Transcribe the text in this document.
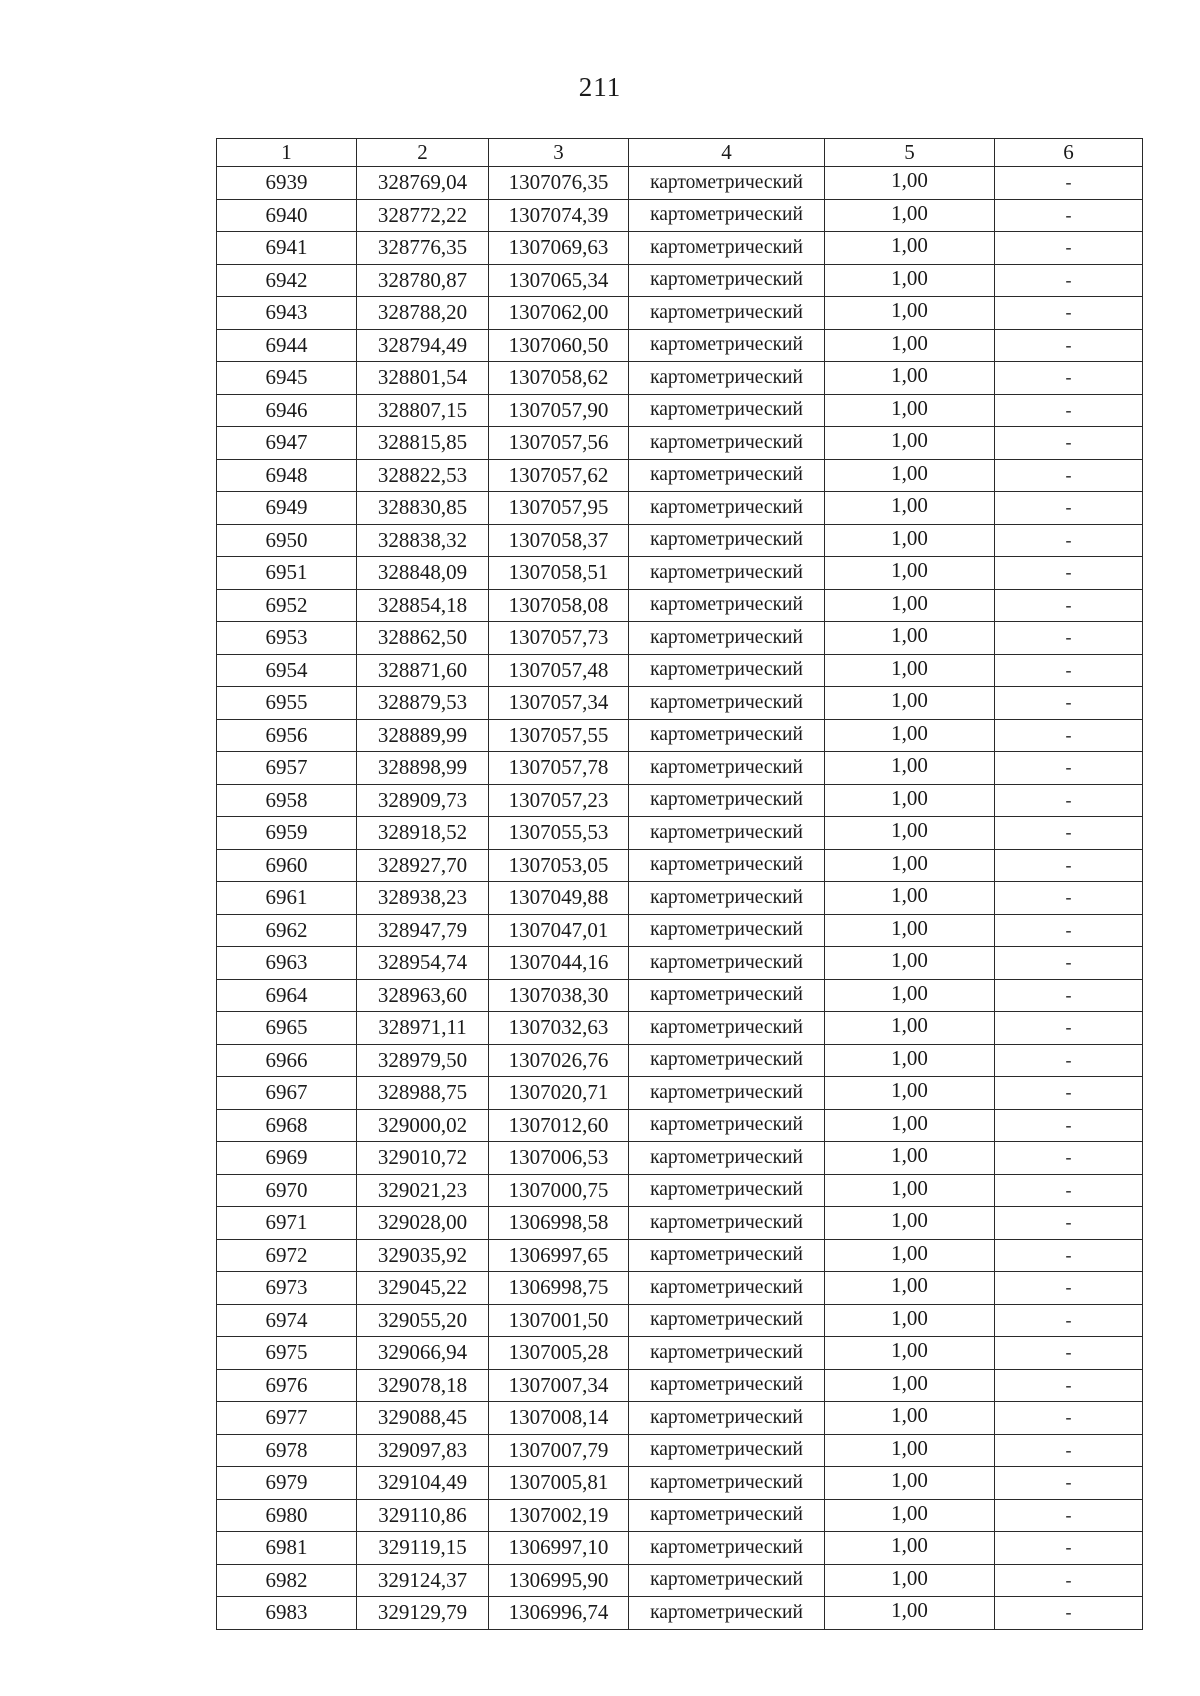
211
1	2	3	4	5	6
6939	328769,04	1307076,35	картометрический	1,00	-
6940	328772,22	1307074,39	картометрический	1,00	-
6941	328776,35	1307069,63	картометрический	1,00	-
6942	328780,87	1307065,34	картометрический	1,00	-
6943	328788,20	1307062,00	картометрический	1,00	-
6944	328794,49	1307060,50	картометрический	1,00	-
6945	328801,54	1307058,62	картометрический	1,00	-
6946	328807,15	1307057,90	картометрический	1,00	-
6947	328815,85	1307057,56	картометрический	1,00	-
6948	328822,53	1307057,62	картометрический	1,00	-
6949	328830,85	1307057,95	картометрический	1,00	-
6950	328838,32	1307058,37	картометрический	1,00	-
6951	328848,09	1307058,51	картометрический	1,00	-
6952	328854,18	1307058,08	картометрический	1,00	-
6953	328862,50	1307057,73	картометрический	1,00	-
6954	328871,60	1307057,48	картометрический	1,00	-
6955	328879,53	1307057,34	картометрический	1,00	-
6956	328889,99	1307057,55	картометрический	1,00	-
6957	328898,99	1307057,78	картометрический	1,00	-
6958	328909,73	1307057,23	картометрический	1,00	-
6959	328918,52	1307055,53	картометрический	1,00	-
6960	328927,70	1307053,05	картометрический	1,00	-
6961	328938,23	1307049,88	картометрический	1,00	-
6962	328947,79	1307047,01	картометрический	1,00	-
6963	328954,74	1307044,16	картометрический	1,00	-
6964	328963,60	1307038,30	картометрический	1,00	-
6965	328971,11	1307032,63	картометрический	1,00	-
6966	328979,50	1307026,76	картометрический	1,00	-
6967	328988,75	1307020,71	картометрический	1,00	-
6968	329000,02	1307012,60	картометрический	1,00	-
6969	329010,72	1307006,53	картометрический	1,00	-
6970	329021,23	1307000,75	картометрический	1,00	-
6971	329028,00	1306998,58	картометрический	1,00	-
6972	329035,92	1306997,65	картометрический	1,00	-
6973	329045,22	1306998,75	картометрический	1,00	-
6974	329055,20	1307001,50	картометрический	1,00	-
6975	329066,94	1307005,28	картометрический	1,00	-
6976	329078,18	1307007,34	картометрический	1,00	-
6977	329088,45	1307008,14	картометрический	1,00	-
6978	329097,83	1307007,79	картометрический	1,00	-
6979	329104,49	1307005,81	картометрический	1,00	-
6980	329110,86	1307002,19	картометрический	1,00	-
6981	329119,15	1306997,10	картометрический	1,00	-
6982	329124,37	1306995,90	картометрический	1,00	-
6983	329129,79	1306996,74	картометрический	1,00	-
